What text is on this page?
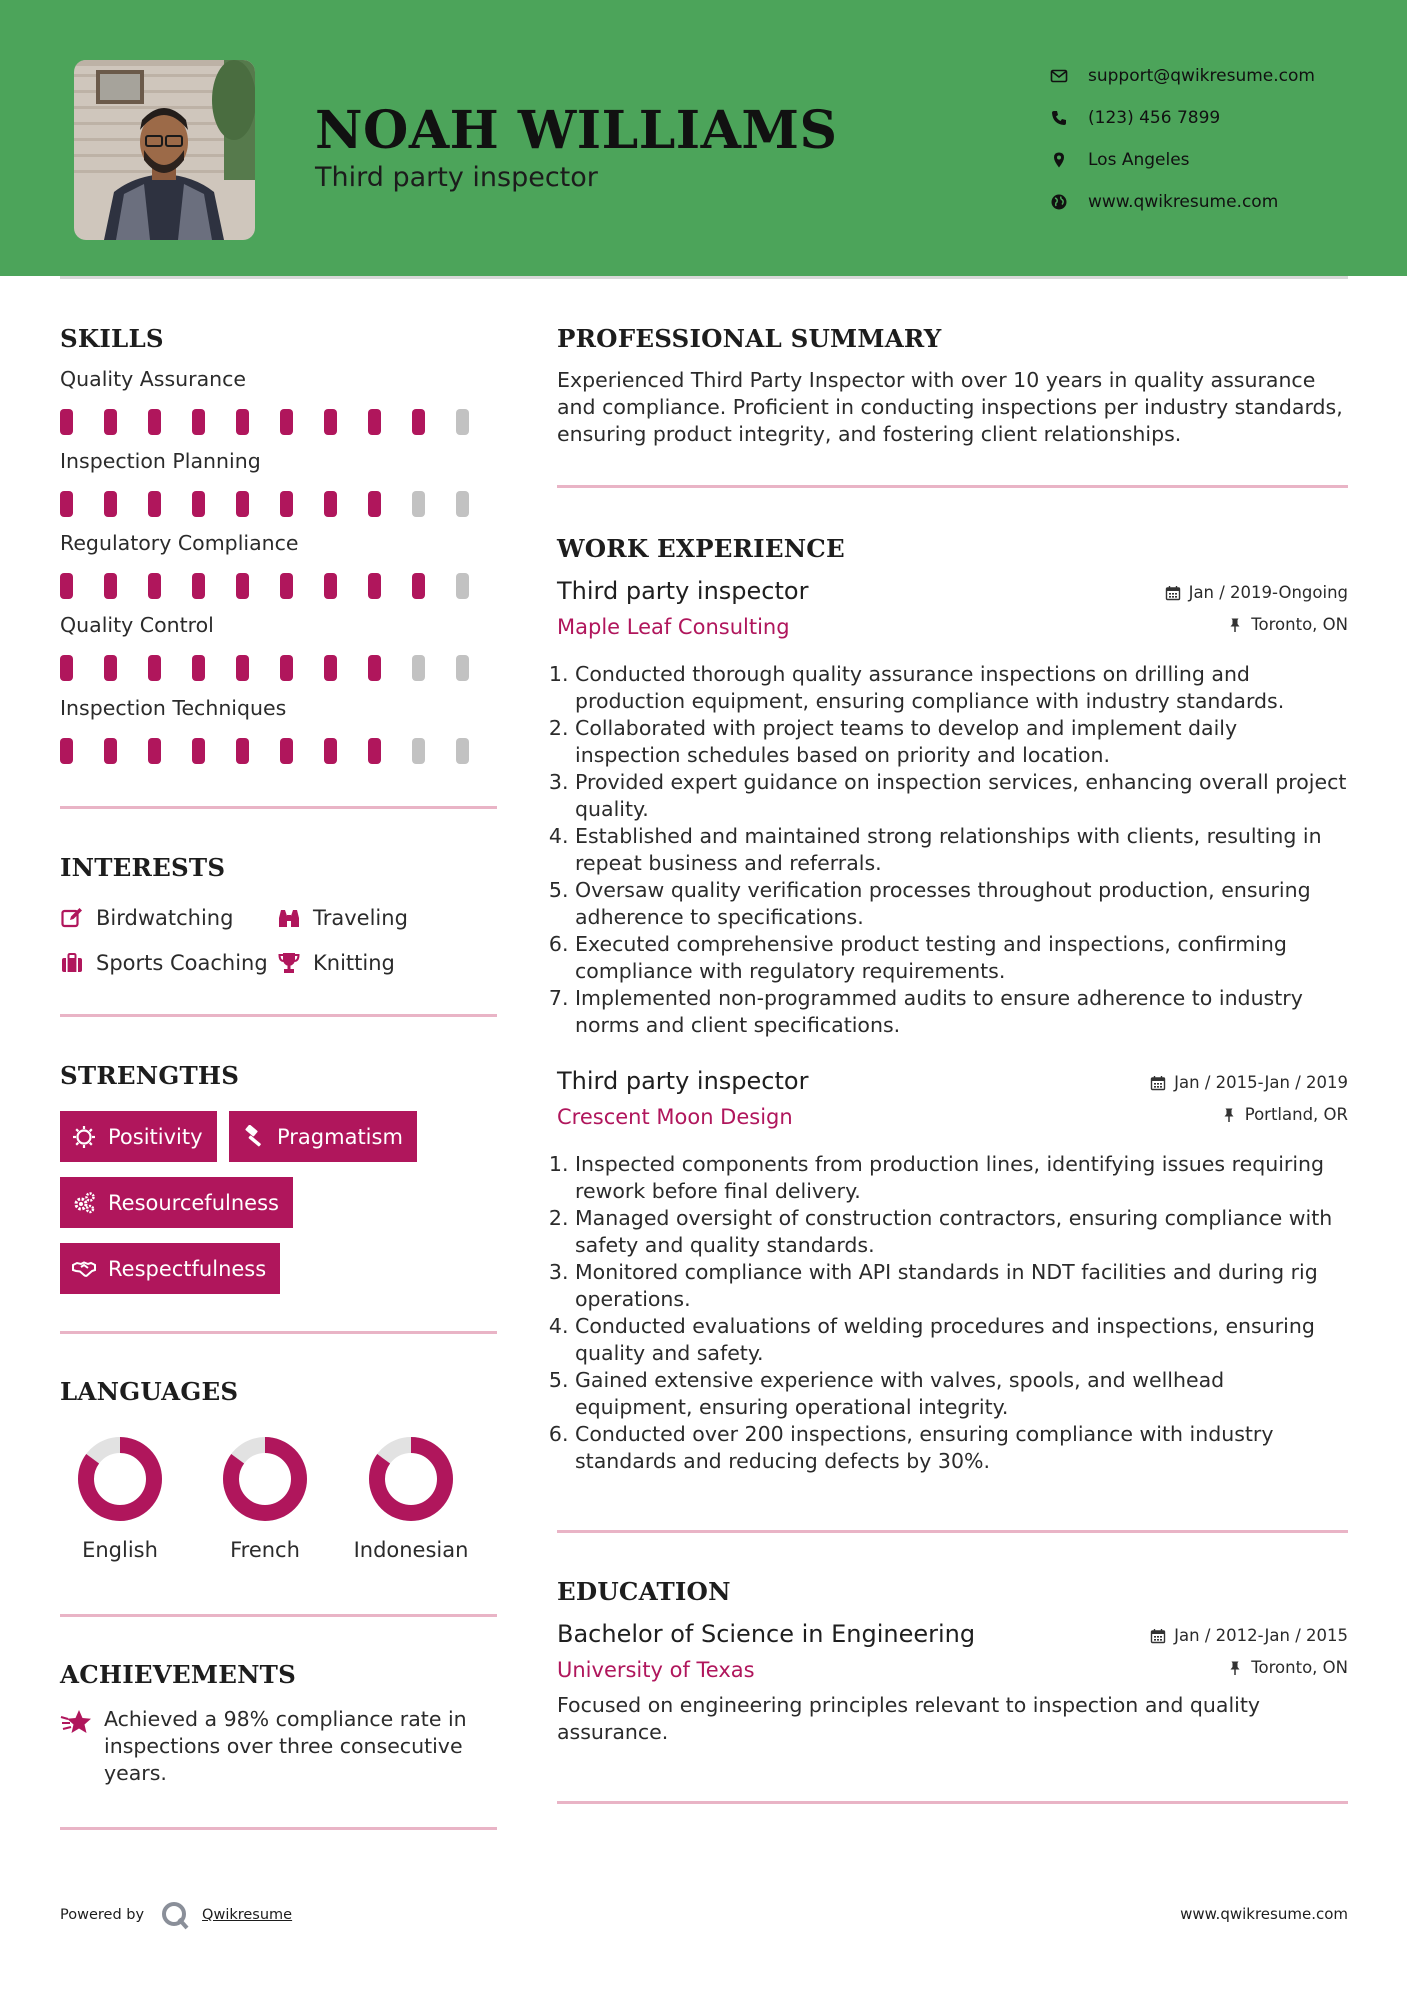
NOAH WILLIAMS
Third party inspector
support@qwikresume.com
(123) 456 7899
Los Angeles
www.qwikresume.com
SKILLS
Quality Assurance
Inspection Planning
Regulatory Compliance
Quality Control
Inspection Techniques
INTERESTS
Birdwatching	Traveling
Sports Coaching Knitting
STRENGTHS
Positivity	Pragmatism
Resourcefulness
Respectfulness
LANGUAGES
English	French	Indonesian
ACHIEVEMENTS
Achieved a 98% compliance rate in inspections over three consecutive years.
PROFESSIONAL SUMMARY
Experienced Third Party Inspector with over 10 years in quality assurance and compliance. Proficient in conducting inspections per industry standards, ensuring product integrity, and fostering client relationships.
WORK EXPERIENCE
Third party inspector
Maple Leaf Consulting
Jan / 2019-Ongoing
Toronto, ON
1. Conducted thorough quality assurance inspections on drilling and production equipment, ensuring compliance with industry standards.
2. Collaborated with project teams to develop and implement daily inspection schedules based on priority and location.
3. Provided expert guidance on inspection services, enhancing overall project quality.
4. Established and maintained strong relationships with clients, resulting in repeat business and referrals.
5. Oversaw quality verification processes throughout production, ensuring adherence to specifications.
6. Executed comprehensive product testing and inspections, confirming compliance with regulatory requirements.
7. Implemented non-programmed audits to ensure adherence to industry norms and client specifications.
Third party inspector
Crescent Moon Design
Jan / 2015-Jan / 2019
Portland, OR
1. Inspected components from production lines, identifying issues requiring rework before final delivery.
2. Managed oversight of construction contractors, ensuring compliance with safety and quality standards.
3. Monitored compliance with API standards in NDT facilities and during rig operations.
4. Conducted evaluations of welding procedures and inspections, ensuring quality and safety.
5. Gained extensive experience with valves, spools, and wellhead equipment, ensuring operational integrity.
6. Conducted over 200 inspections, ensuring compliance with industry standards and reducing defects by 30%.
EDUCATION
Bachelor of Science in Engineering
University of Texas
Jan / 2012-Jan / 2015
Toronto, ON
Focused on engineering principles relevant to inspection and quality assurance.
Powered by	Qwikresume	www.qwikresume.com
